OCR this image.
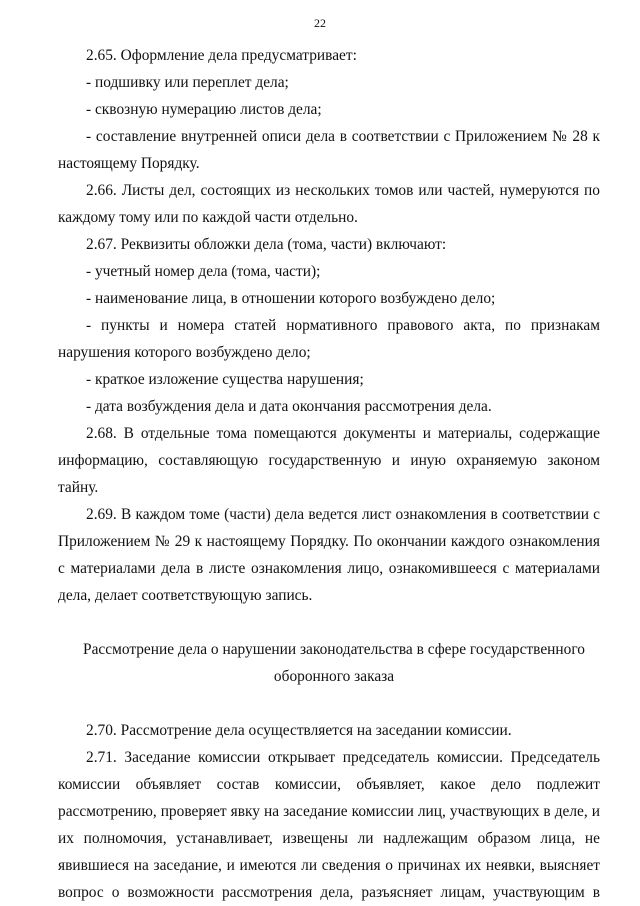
22
2.65. Оформление дела предусматривает:
- подшивку или переплет дела;
- сквозную нумерацию листов дела;
- составление внутренней описи дела в соответствии с Приложением № 28 к
настоящему Порядку.
2.66. Листы дел, состоящих из нескольких томов или частей, нумеруются по
каждому тому или по каждой части отдельно.
2.67. Реквизиты обложки дела (тома, части) включают:
- учетный номер дела (тома, части);
- наименование лица, в отношении которого возбуждено дело;
- пункты и номера статей нормативного правового акта, по признакам
нарушения которого возбуждено дело;
- краткое изложение существа нарушения;
- дата возбуждения дела и дата окончания рассмотрения дела.
2.68. В отдельные тома помещаются документы и материалы, содержащие
информацию, составляющую государственную и иную охраняемую законом
тайну.
2.69. В каждом томе (части) дела ведется лист ознакомления в соответствии с
Приложением № 29 к настоящему Порядку. По окончании каждого ознакомления
с материалами дела в листе ознакомления лицо, ознакомившееся с материалами
дела, делает соответствующую запись.
Рассмотрение дела о нарушении законодательства в сфере государственного
оборонного заказа
2.70. Рассмотрение дела осуществляется на заседании комиссии.
2.71. Заседание комиссии открывает председатель комиссии. Председатель
комиссии объявляет состав комиссии, объявляет, какое дело подлежит
рассмотрению, проверяет явку на заседание комиссии лиц, участвующих в деле, и
их полномочия, устанавливает, извещены ли надлежащим образом лица, не
явившиеся на заседание, и имеются ли сведения о причинах их неявки, выясняет
вопрос о возможности рассмотрения дела, разъясняет лицам, участвующим в
